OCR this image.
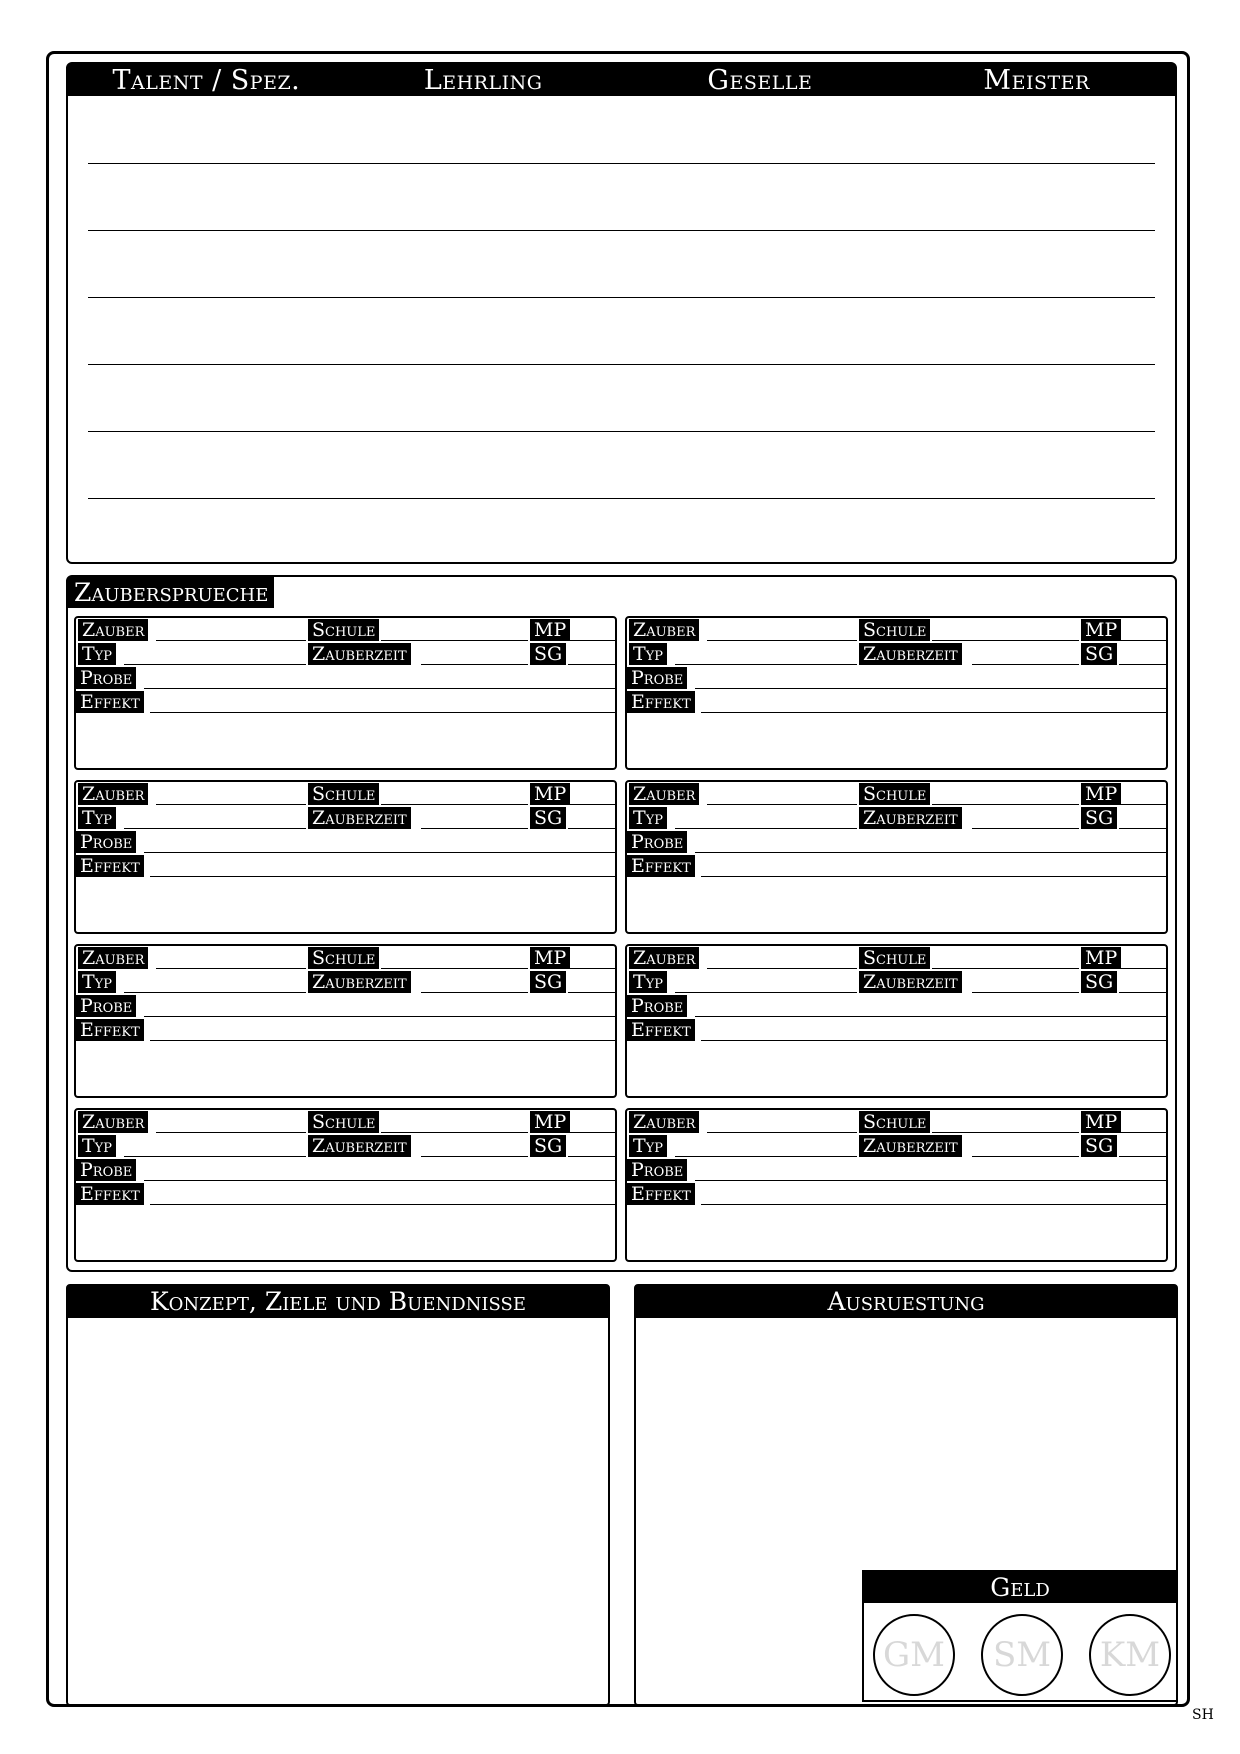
Talent / Spez.	Lehrling	Geselle	Meister
Zaubersprueche
Zauber	Schule	MP
Typ	Zauberzeit	SG
Probe
Effekt
Zauber	Schule	MP
Typ	Zauberzeit	SG
Probe
Effekt
Zauber	Schule	MP
Typ	Zauberzeit	SG
Probe
Effekt
Zauber	Schule	MP
Typ	Zauberzeit	SG
Probe
Effekt
Zauber	Schule	MP
Typ	Zauberzeit	SG
Probe
Effekt
Zauber	Schule	MP
Typ	Zauberzeit	SG
Probe
Effekt
Zauber	Schule	MP
Typ	Zauberzeit	SG
Probe
Effekt
Zauber	Schule	MP
Typ	Zauberzeit	SG
Probe
Effekt
Konzept, Ziele und Buendnisse	Ausruestung
Geld
GM	SM	KM
SH
